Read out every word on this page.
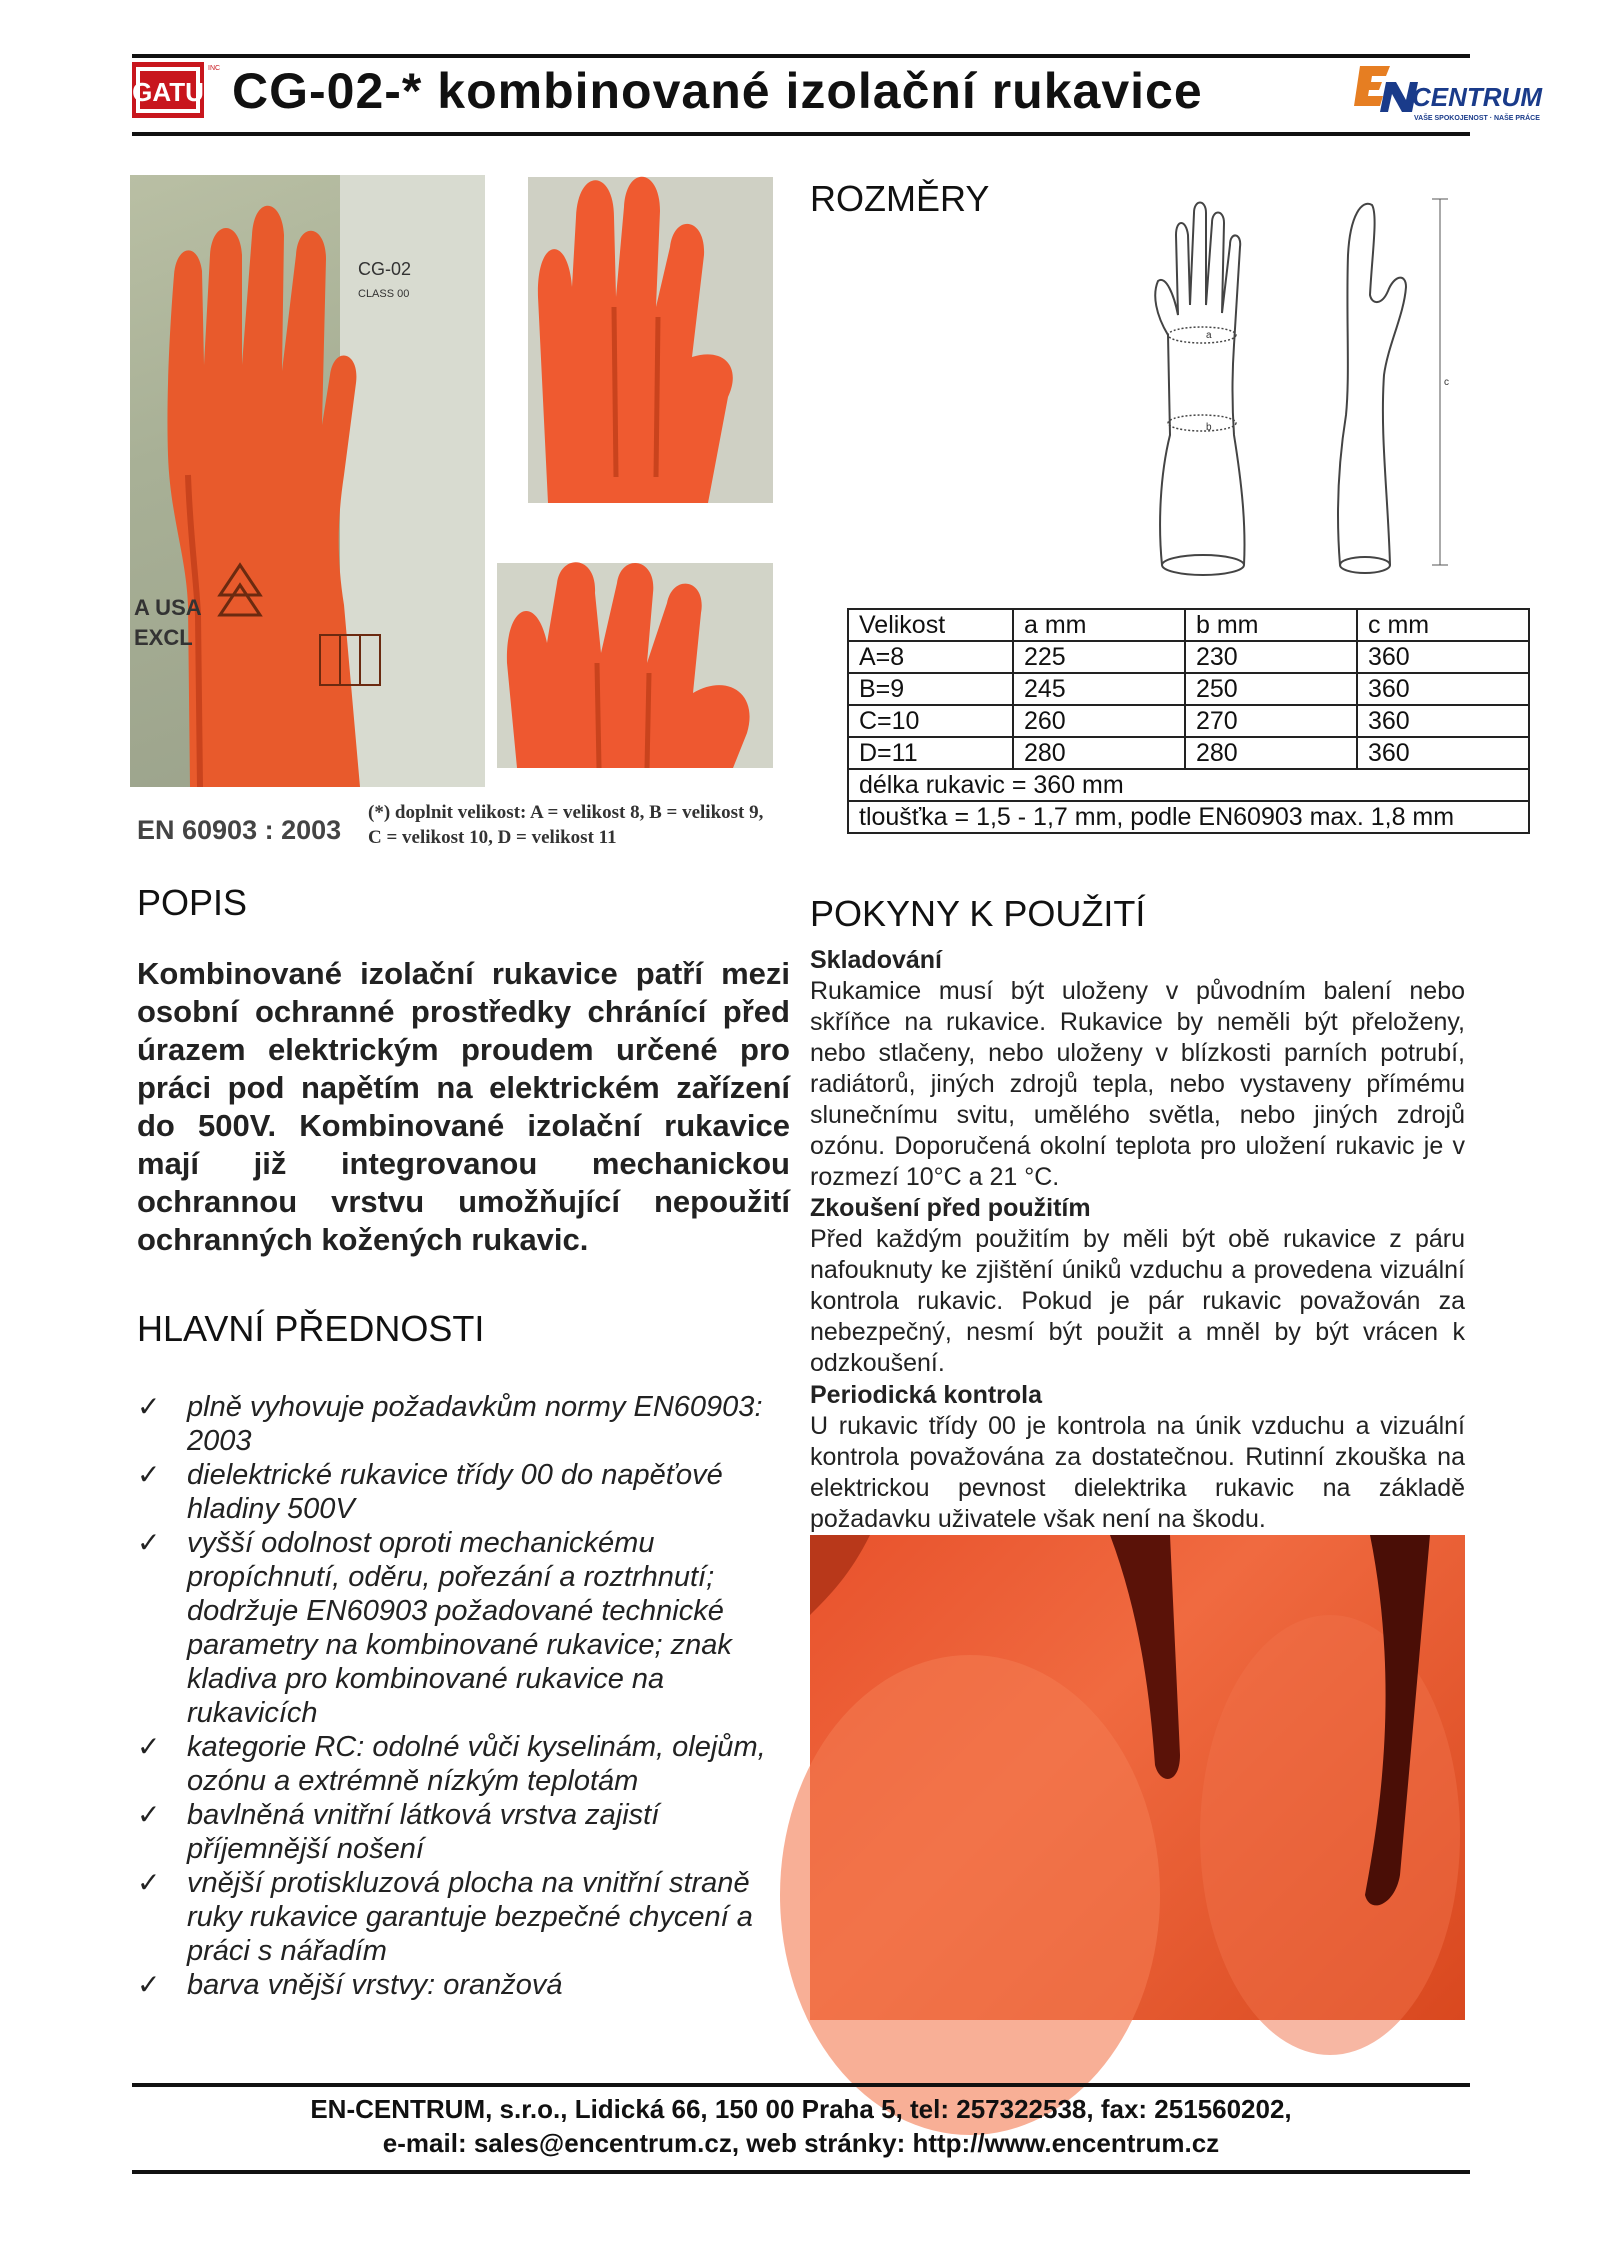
GATU
INC CG-02-* kombinované izolační rukavice	CENTRUM
VAŠE SPOKOJENOST · NAŠE PRÁCE
EN CENTRUM
CG-02
CLASS 00
A USA
EXCL
EN 60903 : 2003
(*) doplnit velikost: A = velikost 8, B = velikost 9, C = velikost 10, D = velikost 11
ROZMĚRY
a
b
c
Velikost	a mm	b mm	c mm
A=8	225	230	360
B=9	245	250	360
C=10	260	270	360
D=11	280	280	360
délka rukavic = 360 mm			
tloušťka = 1,5 - 1,7 mm, podle EN60903 max. 1,8 mm			
POPIS
Kombinované izolační rukavice patří mezi osobní ochranné prostředky chránící před úrazem elektrickým proudem určené pro práci pod napětím na elektrickém zařízení do 500V. Kombinované izolační rukavice mají již integrovanou mechanickou ochrannou vrstvu umožňující nepoužití ochranných kožených rukavic.
HLAVNÍ PŘEDNOSTI
✓ plně vyhovuje požadavkům normy EN60903: 2003
✓ dielektrické rukavice třídy 00 do napěťové hladiny 500V
✓ vyšší odolnost oproti mechanickému propíchnutí, oděru, pořezání a roztrhnutí; dodržuje EN60903 požadované technické parametry na kombinované rukavice; znak kladiva pro kombinované rukavice na rukavicích
✓ kategorie RC: odolné vůči kyselinám, olejům, ozónu a extrémně nízkým teplotám
✓ bavlněná vnitřní látková vrstva zajistí příjemnější nošení
✓ vnější protiskluzová plocha na vnitřní straně ruky rukavice garantuje bezpečné chycení a práci s nářadím
✓ barva vnější vrstvy: oranžová
POKYNY K POUŽITÍ
Skladování
Rukamice musí být uloženy v původním balení nebo skříňce na rukavice. Rukavice by neměli být přeloženy, nebo stlačeny, nebo uloženy v blízkosti parních potrubí, radiátorů, jiných zdrojů tepla, nebo vystaveny přímému slunečnímu svitu, umělého světla, nebo jiných zdrojů ozónu. Doporučená okolní teplota pro uložení rukavic je v rozmezí 10°C a 21 °C.
Zkoušení před použitím
Před každým použitím by měli být obě rukavice z páru nafouknuty ke zjištění úniků vzduchu a provedena vizuální kontrola rukavic. Pokud je pár rukavic považován za nebezpečný, nesmí být použit a mněl by být vrácen k odzkoušení.
Periodická kontrola
U rukavic třídy 00 je kontrola na únik vzduchu a vizuální kontrola považována za dostatečnou. Rutinní zkouška na elektrickou pevnost dielektrika rukavic na základě požadavku uživatele však není na škodu.
EN-CENTRUM, s.r.o., Lidická 66, 150 00 Praha 5, tel: 257322538, fax: 251560202,
e-mail: sales@encentrum.cz, web stránky: http://www.encentrum.cz
